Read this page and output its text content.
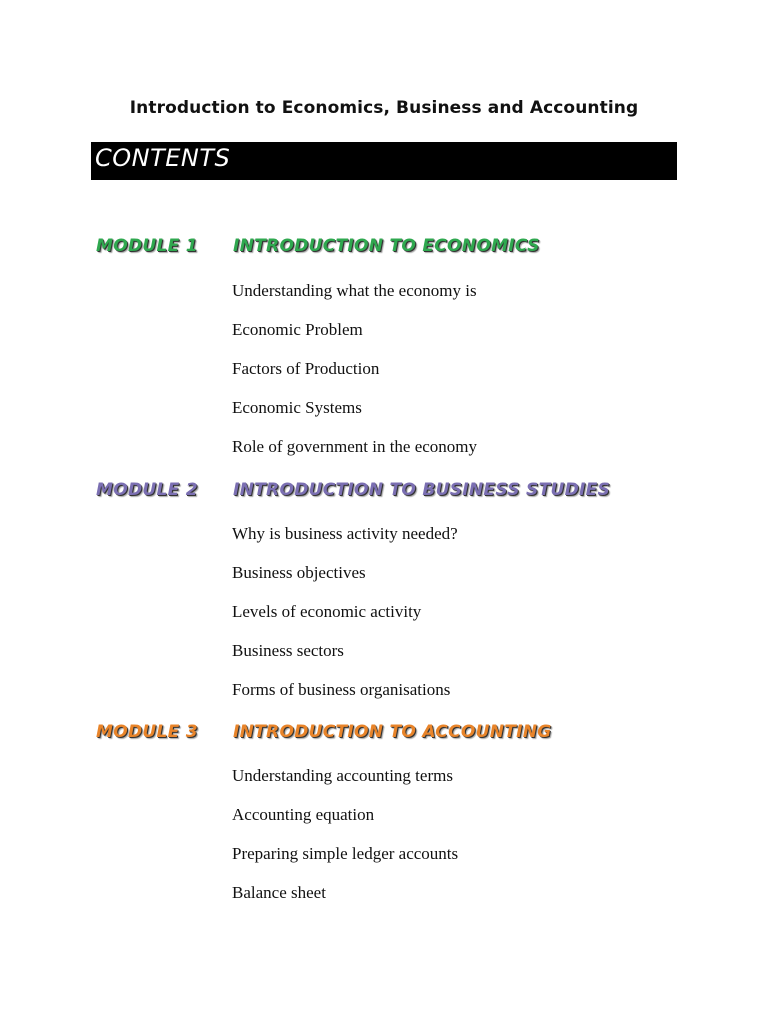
Introduction to Economics, Business and Accounting
CONTENTS
MODULE 1 INTRODUCTION TO ECONOMICS
Understanding what the economy is
Economic Problem
Factors of Production
Economic Systems
Role of government in the economy
MODULE 2 INTRODUCTION TO BUSINESS STUDIES
Why is business activity needed?
Business objectives
Levels of economic activity
Business sectors
Forms of business organisations
MODULE 3 INTRODUCTION TO ACCOUNTING
Understanding accounting terms
Accounting equation
Preparing simple ledger accounts
Balance sheet
